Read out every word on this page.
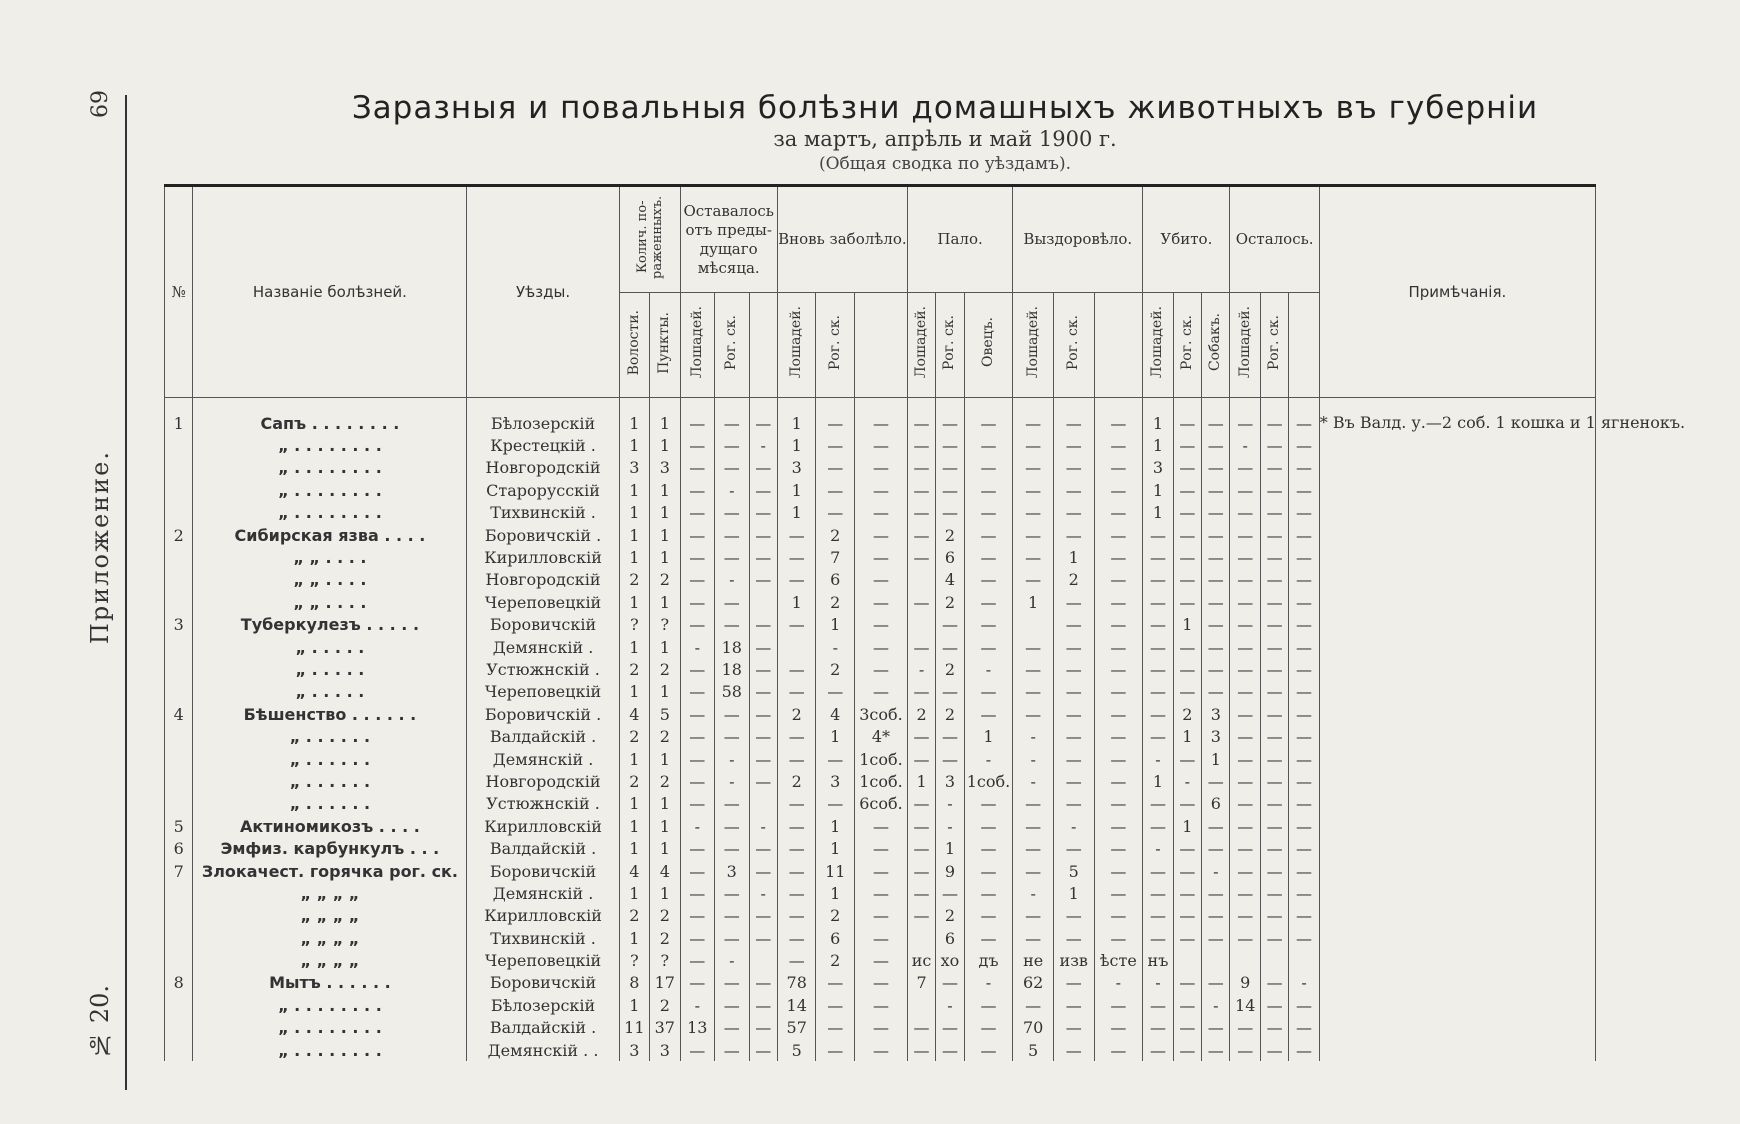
69
Приложение.
№ 20.
Заразныя и повальныя болѣзни домашныхъ животныхъ въ губерніи
за мартъ, апрѣль и май 1900 г.
(Общая сводка по уѣздамъ).
№	Названіе болѣзней.	Уѣзды.	Колич. по-раженныхъ.		Оставалось отъ преды-дущаго мѣсяца.			Вновь заболѣло.			Пало.			Выздоровѣло.			Убито.			Осталось.			Примѣчанія.
			Волости.	Пункты.	Лошадей.	Рог. ск.		Лошадей.	Рог. ск.		Лошадей.	Рог. ск.	Овецъ.	Лошадей.	Рог. ск.		Лошадей.	Рог. ск.	Собакъ.	Лошадей.	Рог. ск.		

1	Сапъ . . . . . . . .	Бѣлозерскій	1	1	—	—	—	1	—	—	—	—	—	—	—	—	1	—	—	—	—	—	* Въ Валд. у.—2 соб. 1 кошка и 1 ягненокъ.
	„ . . . . . . . .	Крестецкій .	1	1	—	—	-	1	—	—	—	—	—	—	—	—	1	—	—	-	—	—	
	„ . . . . . . . .	Новгородскій	3	3	—	—	—	3	—	—	—	—	—	—	—	—	3	—	—	—	—	—	
	„ . . . . . . . .	Старорусскій	1	1	—	-	—	1	—	—	—	—	—	—	—	—	1	—	—	—	—	—	
	„ . . . . . . . .	Тихвинскій .	1	1	—	—	—	1	—	—	—	—	—	—	—	—	1	—	—	—	—	—	
2	Сибирская язва . . . .	Боровичскій .	1	1	—	—	—	—	2	—	—	2	—	—	—	—	—	—	—	—	—	—	
	„ „ . . . .	Кирилловскій	1	1	—	—	—	—	7	—	—	6	—	—	1	—	—	—	—	—	—	—	
	„ „ . . . .	Новгородскій	2	2	—	-	—	—	6	—		4	—	—	2	—	—	—	—	—	—	—	
	„ „ . . . .	Череповецкій	1	1	—	—		1	2	—	—	2	—	1	—	—	—	—	—	—	—	—	
3	Туберкулезъ . . . . .	Боровичскій	?	?	—	—	—	—	1	—		—	—		—	—	—	1	—	—	—	—	
	„ . . . . .	Демянскій .	1	1	-	18	—		-	—	—	—	—	—	—	—	—	—	—	—	—	—	
	„ . . . . .	Устюжнскій .	2	2	—	18	—	—	2	—	-	2	-	—	—	—	—	—	—	—	—	—	
	„ . . . . .	Череповецкій	1	1	—	58	—	—	—	—	—	—	—	—	—	—	—	—	—	—	—	—	
4	Бѣшенство . . . . . .	Боровичскій .	4	5	—	—	—	2	4	3соб.	2	2	—	—	—	—	—	2	3	—	—	—	
	„ . . . . . .	Валдайскій .	2	2	—	—	—	—	1	4*	—	—	1	-	—	—	—	1	3	—	—	—	
	„ . . . . . .	Демянскій .	1	1	—	-	—	—	—	1соб.	—	—	-	-	—	—	-	—	1	—	—	—	
	„ . . . . . .	Новгородскій	2	2	—	-	—	2	3	1соб.	1	3	1соб.	-	—	—	1	-	—	—	—	—	
	„ . . . . . .	Устюжнскій .	1	1	—	—		—	—	6соб.	—	-	—	—	—	—	—	—	6	—	—	—	
5	Актиномикозъ . . . .	Кирилловскій	1	1	-	—	-	—	1	—	—	-	—	—	-	—	—	1	—	—	—	—	
6	Эмфиз. карбункулъ . . .	Валдайскій .	1	1	—	—	—	—	1	—	—	1	—	—	—	—	-	—	—	—	—	—	
7	Злокачест. горячка рог. ск.	Боровичскій	4	4	—	3	—	—	11	—	—	9	—	—	5	—	—	—	-	—	—	—	
	„ „ „ „	Демянскій .	1	1	—	—	-	—	1	—	—	—	—	-	1	—	—	—	—	—	—	—	
	„ „ „ „	Кирилловскій	2	2	—	—	—	—	2	—	—	2	—	—	—	—	—	—	—	—	—	—	
	„ „ „ „	Тихвинскій .	1	2	—	—	—	—	6	—		6	—	—	—	—	—	—	—	—	—	—	
	„ „ „ „	Череповецкій	?	?	—	-		—	2	—	ис	хо	дъ	не	изв	ѣсте	нъ						
8	Мытъ . . . . . .	Боровичскій	8	17	—	—	—	78	—	—	7	—	-	62	—	-	-	—	—	9	—	-	
	„ . . . . . . . .	Бѣлозерскій	1	2	-	—	—	14	—	—		-	—	—	—	—	—	—	-	14	—	—	
	„ . . . . . . . .	Валдайскій .	11	37	13	—	—	57	—	—	—	—	—	70	—	—	—	—	—	—	—	—	
	„ . . . . . . . .	Демянскій . .	3	3	—	—	—	5	—	—	—	—	—	5	—	—	—	—	—	—	—	—	
